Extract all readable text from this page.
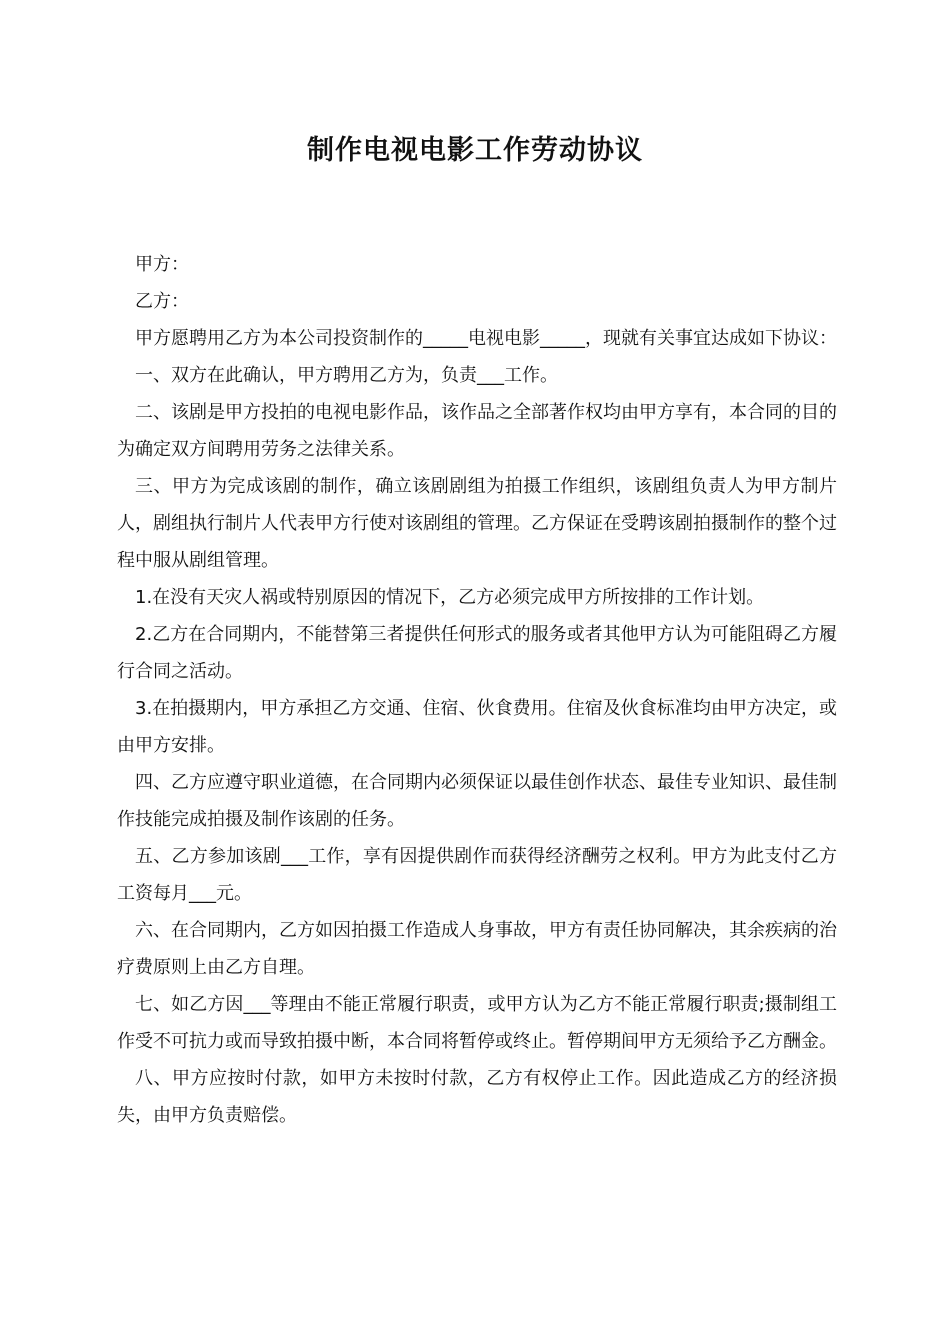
制作电视电影工作劳动协议

甲方：

乙方：

甲方愿聘用乙方为本公司投资制作的_____电视电影_____，现就有关事宜达成如下协议：

一、双方在此确认，甲方聘用乙方为，负责___工作。

二、该剧是甲方投拍的电视电影作品，该作品之全部著作权均由甲方享有，本合同的目的为确定双方间聘用劳务之法律关系。

三、甲方为完成该剧的制作，确立该剧剧组为拍摄工作组织，该剧组负责人为甲方制片人，剧组执行制片人代表甲方行使对该剧组的管理。乙方保证在受聘该剧拍摄制作的整个过程中服从剧组管理。

1.在没有天灾人祸或特别原因的情况下，乙方必须完成甲方所按排的工作计划。

2.乙方在合同期内，不能替第三者提供任何形式的服务或者其他甲方认为可能阻碍乙方履行合同之活动。

3.在拍摄期内，甲方承担乙方交通、住宿、伙食费用。住宿及伙食标准均由甲方决定，或由甲方安排。

四、乙方应遵守职业道德，在合同期内必须保证以最佳创作状态、最佳专业知识、最佳制作技能完成拍摄及制作该剧的任务。

五、乙方参加该剧___工作，享有因提供剧作而获得经济酬劳之权利。甲方为此支付乙方工资每月___元。

六、在合同期内，乙方如因拍摄工作造成人身事故，甲方有责任协同解决，其余疾病的治疗费原则上由乙方自理。

七、如乙方因___等理由不能正常履行职责，或甲方认为乙方不能正常履行职责;摄制组工作受不可抗力或而导致拍摄中断，本合同将暂停或终止。暂停期间甲方无须给予乙方酬金。

八、甲方应按时付款，如甲方未按时付款，乙方有权停止工作。因此造成乙方的经济损失，由甲方负责赔偿。
